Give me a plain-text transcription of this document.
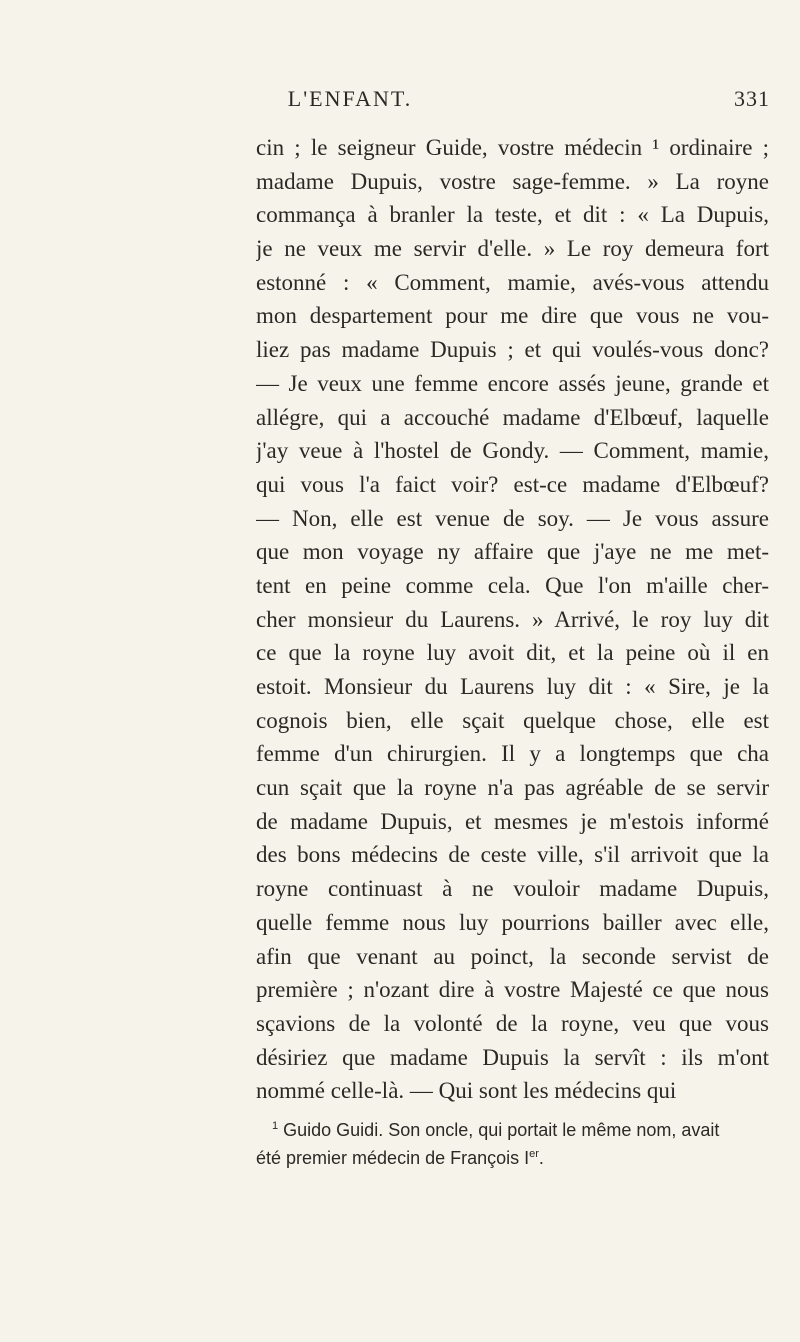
L'ENFANT.	331
cin ; le seigneur Guide, vostre médecin ¹ ordinaire ;
madame Dupuis, vostre sage-femme. » La royne
commança à branler la teste, et dit : « La Dupuis,
je ne veux me servir d'elle. » Le roy demeura fort
estonné : « Comment, mamie, avés-vous attendu
mon despartement pour me dire que vous ne vou-
liez pas madame Dupuis ; et qui voulés-vous donc?
— Je veux une femme encore assés jeune, grande et
allégre, qui a accouché madame d'Elbœuf, laquelle
j'ay veue à l'hostel de Gondy. — Comment, mamie,
qui vous l'a faict voir? est-ce madame d'Elbœuf?
— Non, elle est venue de soy. — Je vous assure
que mon voyage ny affaire que j'aye ne me met-
tent en peine comme cela. Que l'on m'aille cher-
cher monsieur du Laurens. » Arrivé, le roy luy dit
ce que la royne luy avoit dit, et la peine où il en
estoit. Monsieur du Laurens luy dit : « Sire, je la
cognois bien, elle sçait quelque chose, elle est
femme d'un chirurgien. Il y a longtemps que cha
cun sçait que la royne n'a pas agréable de se servir
de madame Dupuis, et mesmes je m'estois informé
des bons médecins de ceste ville, s'il arrivoit que la
royne continuast à ne vouloir madame Dupuis,
quelle femme nous luy pourrions bailler avec elle,
afin que venant au poinct, la seconde servist de
première ; n'ozant dire à vostre Majesté ce que nous
sçavions de la volonté de la royne, veu que vous
désiriez que madame Dupuis la servît : ils m'ont
nommé celle-là. — Qui sont les médecins qui
$^1$ Guido Guidi. Son oncle, qui portait le même nom, avait
été premier médecin de François Ier.
